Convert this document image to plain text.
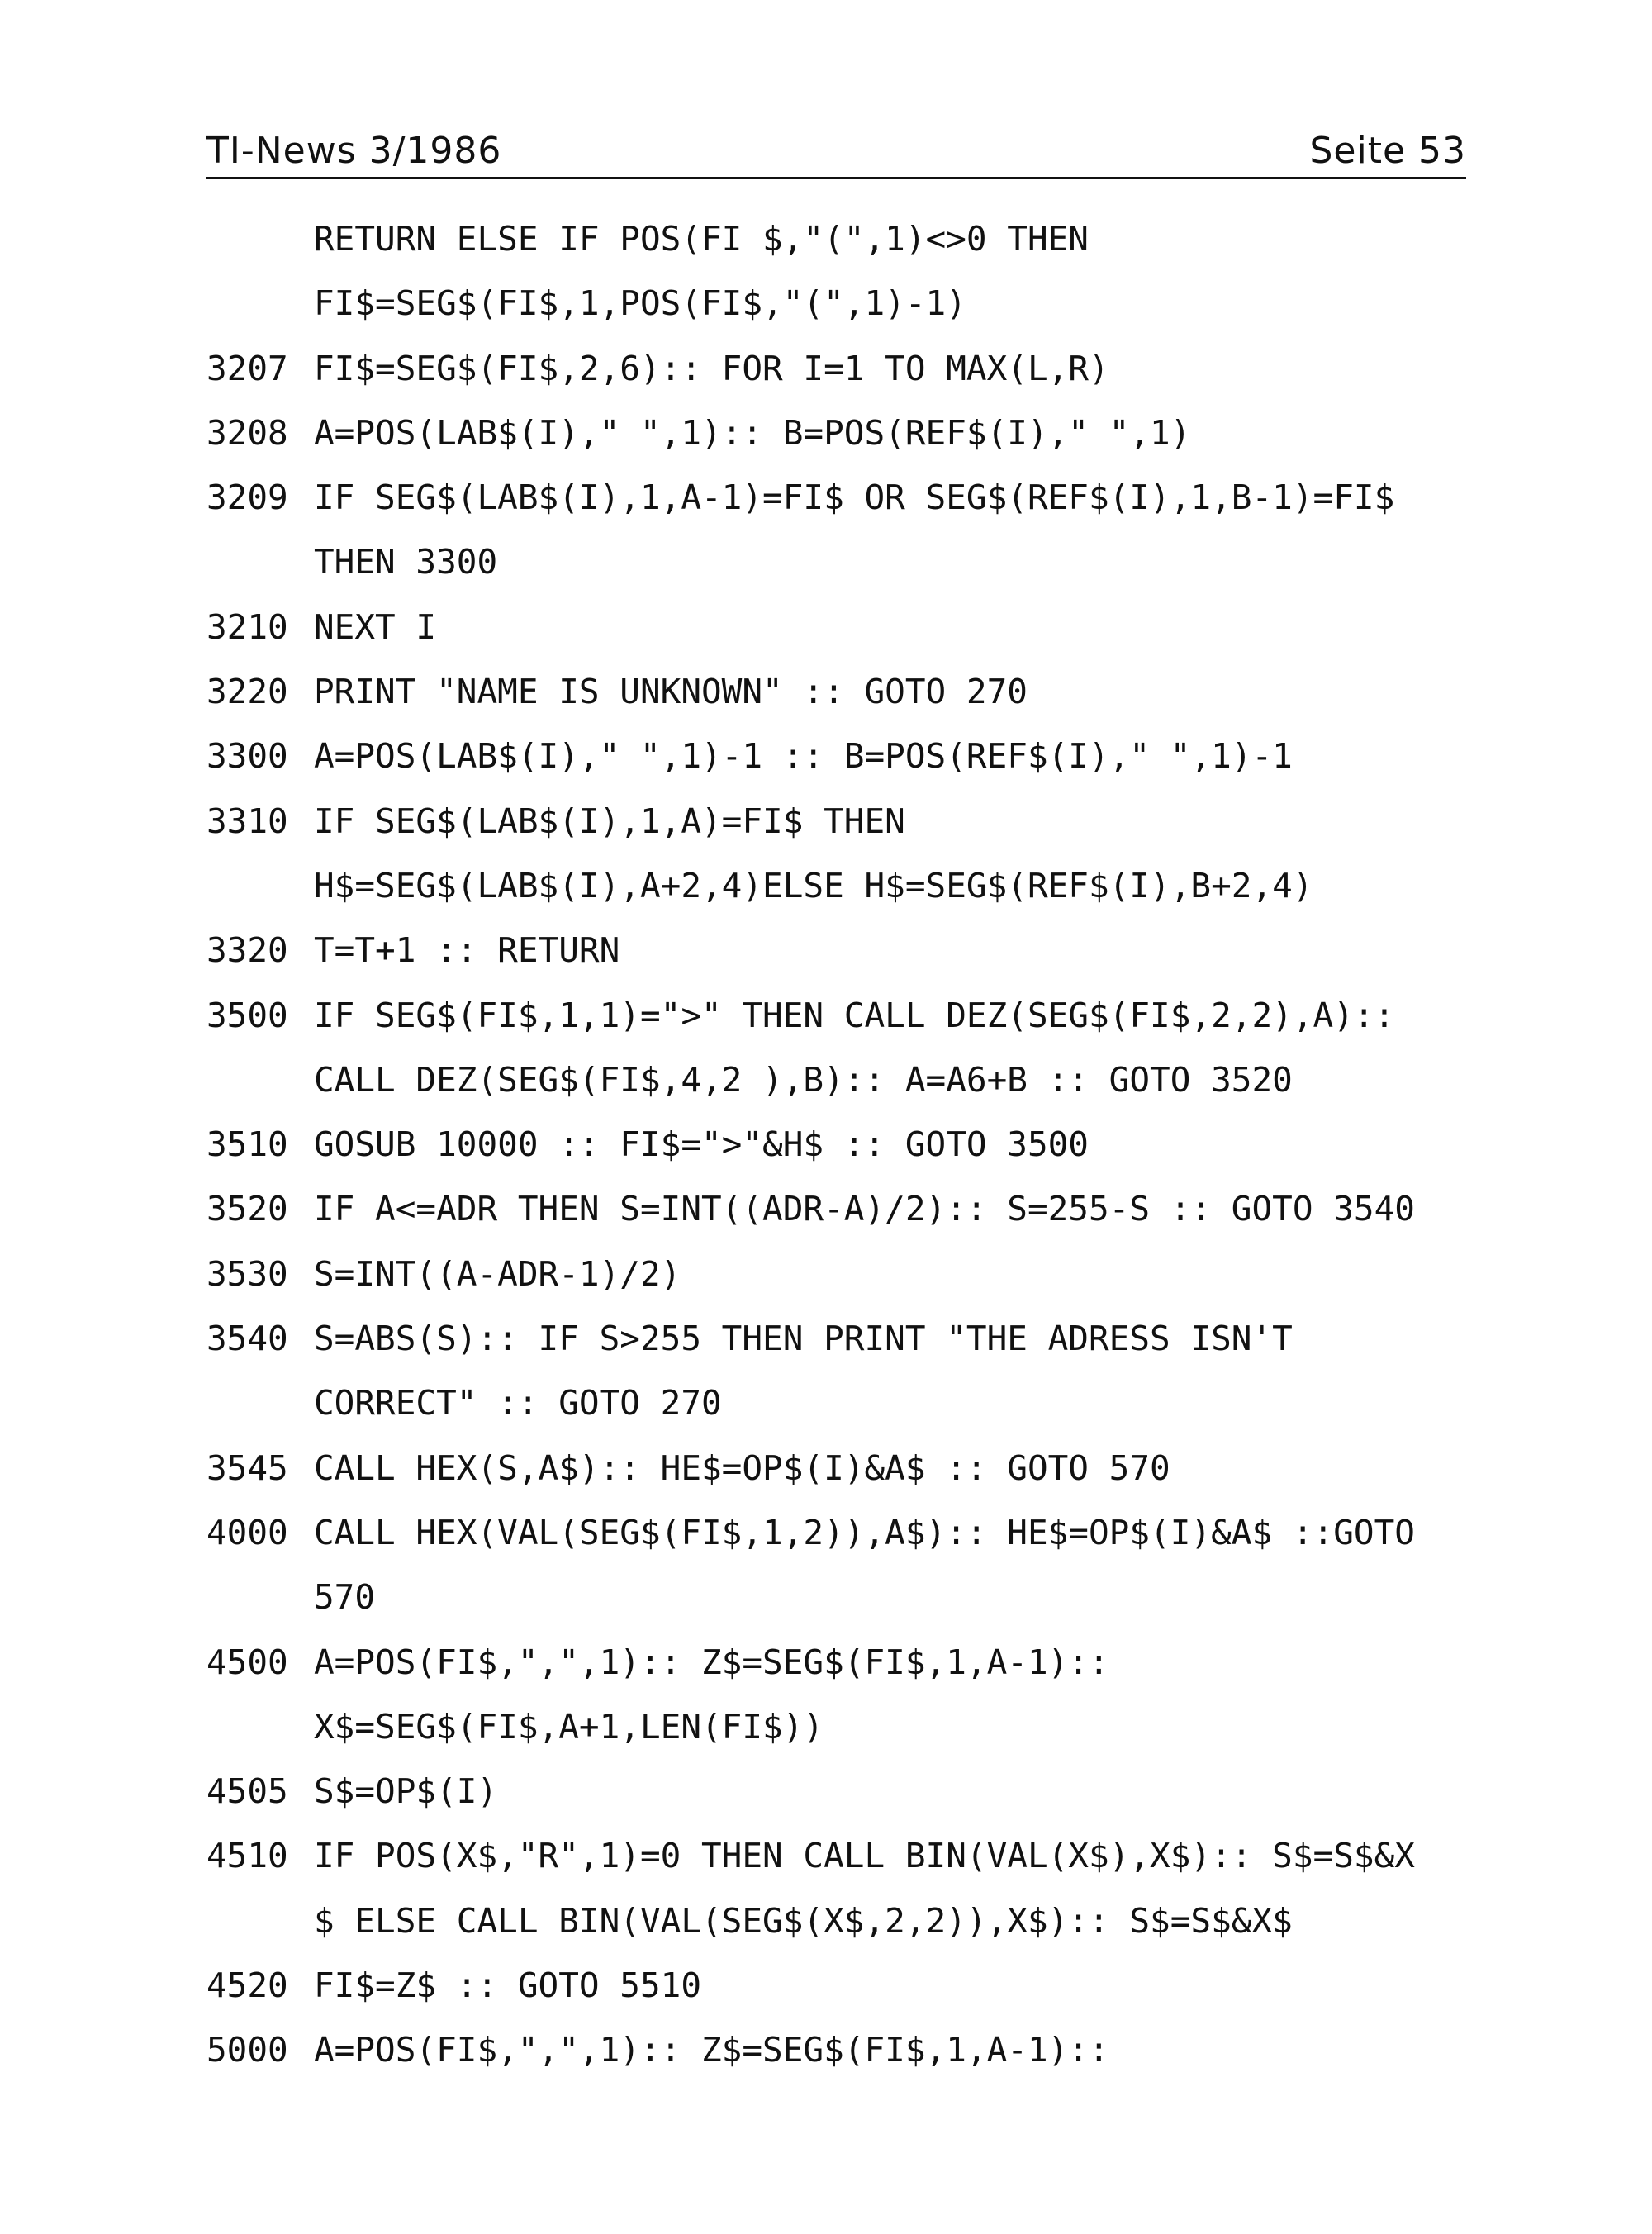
TI-News 3/1986	Seite 53
RETURN ELSE IF POS(FI $,"(",1)<>0 THEN
FI$=SEG$(FI$,1,POS(FI$,"(",1)-1)
3207 FI$=SEG$(FI$,2,6):: FOR I=1 TO MAX(L,R)
3208 A=POS(LAB$(I)," ",1):: B=POS(REF$(I)," ",1)
3209 IF SEG$(LAB$(I),1,A-1)=FI$ OR SEG$(REF$(I),1,B-1)=FI$
THEN 3300
3210 NEXT I
3220 PRINT "NAME IS UNKNOWN" :: GOTO 270
3300 A=POS(LAB$(I)," ",1)-1 :: B=POS(REF$(I)," ",1)-1
3310 IF SEG$(LAB$(I),1,A)=FI$ THEN
H$=SEG$(LAB$(I),A+2,4)ELSE H$=SEG$(REF$(I),B+2,4)
3320 T=T+1 :: RETURN
3500 IF SEG$(FI$,1,1)=">" THEN CALL DEZ(SEG$(FI$,2,2),A)::
CALL DEZ(SEG$(FI$,4,2 ),B):: A=A6+B :: GOTO 3520
3510 GOSUB 10000 :: FI$=">"&H$ :: GOTO 3500
3520 IF A<=ADR THEN S=INT((ADR-A)/2):: S=255-S :: GOTO 3540
3530 S=INT((A-ADR-1)/2)
3540 S=ABS(S):: IF S>255 THEN PRINT "THE ADRESS ISN'T
CORRECT" :: GOTO 270
3545 CALL HEX(S,A$):: HE$=OP$(I)&A$ :: GOTO 570
4000 CALL HEX(VAL(SEG$(FI$,1,2)),A$):: HE$=OP$(I)&A$ ::GOTO
570
4500 A=POS(FI$,",",1):: Z$=SEG$(FI$,1,A-1)::
X$=SEG$(FI$,A+1,LEN(FI$))
4505 S$=OP$(I)
4510 IF POS(X$,"R",1)=0 THEN CALL BIN(VAL(X$),X$):: S$=S$&X
$ ELSE CALL BIN(VAL(SEG$(X$,2,2)),X$):: S$=S$&X$
4520 FI$=Z$ :: GOTO 5510
5000 A=POS(FI$,",",1):: Z$=SEG$(FI$,1,A-1)::
